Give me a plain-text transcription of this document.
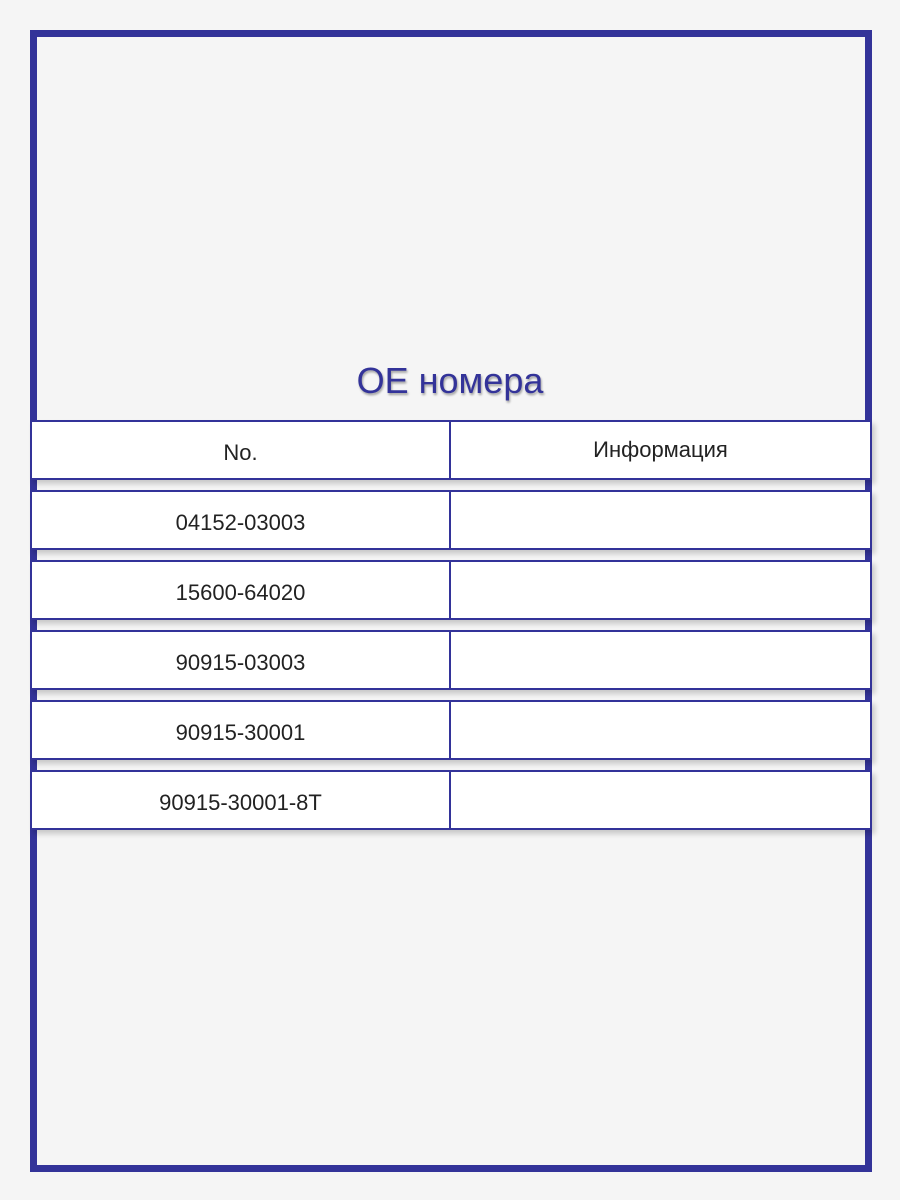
OE номера
No.	Информация
04152-03003
15600-64020
90915-03003
90915-30001
90915-30001-8T
